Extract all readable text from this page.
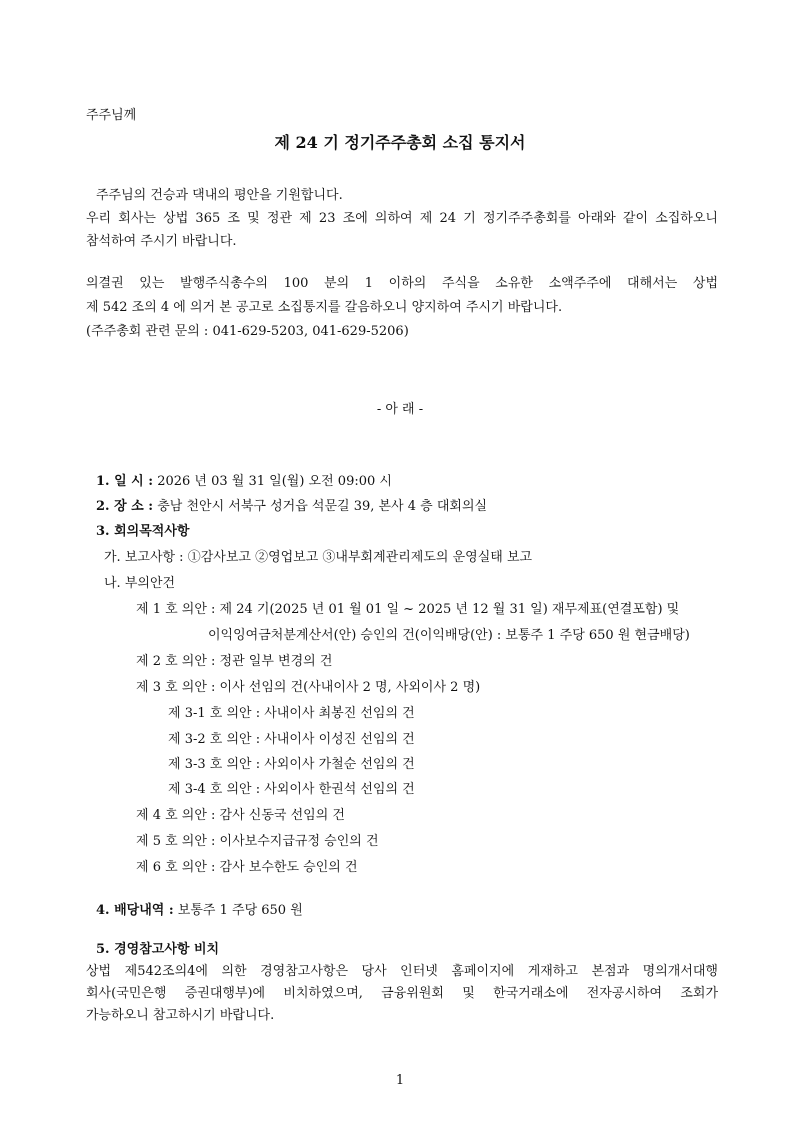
주주님께
제 24 기 정기주주총회 소집 통지서
주주님의 건승과 댁내의 평안을 기원합니다.
우리 회사는 상법 365 조 및 정관 제 23 조에 의하여 제 24 기 정기주주총회를 아래와 같이 소집하오니
참석하여 주시기 바랍니다.
의결권 있는 발행주식총수의 100 분의 1 이하의 주식을 소유한 소액주주에 대해서는 상법
제 542 조의 4 에 의거 본 공고로 소집통지를 갈음하오니 양지하여 주시기 바랍니다.
(주주총회 관련 문의 : 041-629-5203, 041-629-5206)
- 아 래 -
1. 일 시 : 2026 년 03 월 31 일(월) 오전 09:00 시
2. 장 소 : 충남 천안시 서북구 성거읍 석문길 39, 본사 4 층 대회의실
3. 회의목적사항
가. 보고사항 : ①감사보고 ②영업보고 ③내부회계관리제도의 운영실태 보고
나. 부의안건
제 1 호 의안 : 제 24 기(2025 년 01 월 01 일 ~ 2025 년 12 월 31 일) 재무제표(연결포함) 및
이익잉여금처분계산서(안) 승인의 건(이익배당(안) : 보통주 1 주당 650 원 현금배당)
제 2 호 의안 : 정관 일부 변경의 건
제 3 호 의안 : 이사 선임의 건(사내이사 2 명, 사외이사 2 명)
제 3-1 호 의안 : 사내이사 최봉진 선임의 건
제 3-2 호 의안 : 사내이사 이성진 선임의 건
제 3-3 호 의안 : 사외이사 가철순 선임의 건
제 3-4 호 의안 : 사외이사 한권석 선임의 건
제 4 호 의안 : 감사 신동국 선임의 건
제 5 호 의안 : 이사보수지급규정 승인의 건
제 6 호 의안 : 감사 보수한도 승인의 건
4. 배당내역 : 보통주 1 주당 650 원
5. 경영참고사항 비치
상법 제542조의4에 의한 경영참고사항은 당사 인터넷 홈페이지에 게재하고 본점과 명의개서대행
회사(국민은행 증권대행부)에 비치하였으며, 금융위원회 및 한국거래소에 전자공시하여 조회가
가능하오니 참고하시기 바랍니다.
1
